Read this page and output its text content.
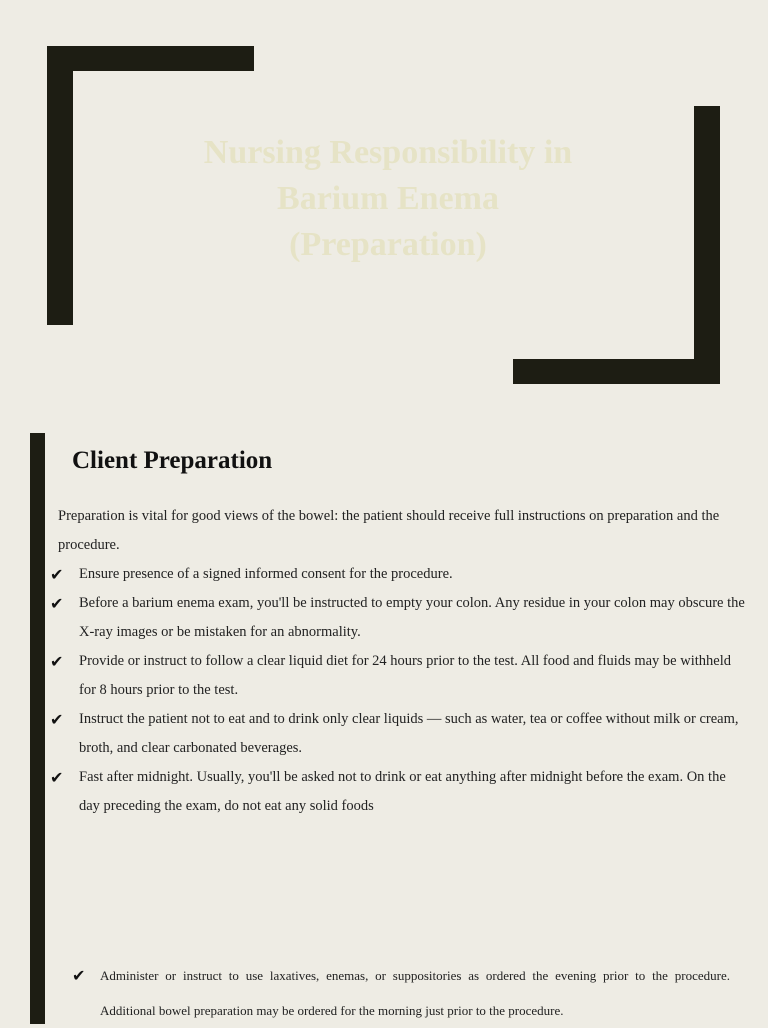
Nursing Responsibility in
Barium Enema
(Preparation)
Client Preparation
Preparation is vital for good views of the bowel: the patient should receive full instructions on preparation and the procedure.
✔ Ensure presence of a signed informed consent for the procedure.
✔ Before a barium enema exam, you'll be instructed to empty your colon. Any residue in your colon may obscure the X-ray images or be mistaken for an abnormality.
✔ Provide or instruct to follow a clear liquid diet for 24 hours prior to the test. All food and fluids may be withheld for 8 hours prior to the test.
✔ Instruct the patient not to eat and to drink only clear liquids — such as water, tea or coffee without milk or cream, broth, and clear carbonated beverages.
✔ Fast after midnight. Usually, you'll be asked not to drink or eat anything after midnight before the exam. On the day preceding the exam, do not eat any solid foods
✔ Administer or instruct to use laxatives, enemas, or suppositories as ordered the evening prior to the procedure. Additional bowel preparation may be ordered for the morning just prior to the procedure.
